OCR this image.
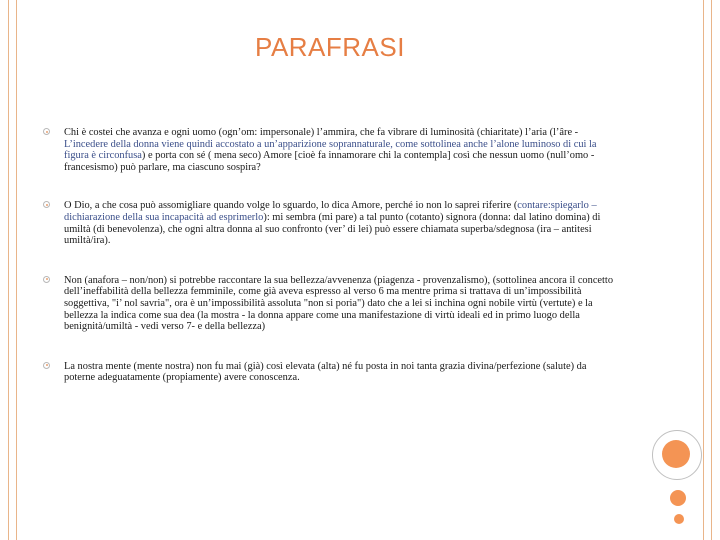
PARAFRASI
Chi è costei che avanza e ogni uomo (ogn’om: impersonale) l’ammira, che fa vibrare di luminosità (chiaritate) l’aria (l’âre - L’incedere della donna viene quindi accostato a un’apparizione soprannaturale, come sottolinea anche l’alone luminoso di cui la figura è circonfusa) e porta con sé ( mena seco) Amore [cioè fa innamorare chi la contempla] così che nessun uomo (null’omo - francesismo) può parlare, ma ciascuno sospira?
O Dio, a che cosa può assomigliare quando volge lo sguardo, lo dica Amore, perché io non lo saprei riferire (contare:spiegarlo – dichiarazione della sua incapacità ad esprimerlo): mi sembra (mi pare) a tal punto (cotanto) signora (donna: dal latino domina) di umiltà (di benevolenza), che ogni altra donna al suo confronto (ver’ di lei) può essere chiamata superba/sdegnosa (ira – antitesi umiltà/ira).
Non (anafora – non/non) si potrebbe raccontare la sua bellezza/avvenenza (piagenza - provenzalismo), (sottolinea ancora il concetto dell’ineffabilità della bellezza femminile, come già aveva espresso al verso 6 ma mentre prima si trattava di un’impossibilità soggettiva, "i’ nol savria", ora è un’impossibilità assoluta "non si poria") dato che a lei si inchina ogni nobile virtù (vertute) e la bellezza la indica come sua dea (la mostra - la donna appare come una manifestazione di virtù ideali ed in primo luogo della benignità/umiltà - vedi verso 7- e della bellezza)
La nostra mente (mente nostra) non fu mai (già) così elevata (alta) né fu posta in noi tanta grazia divina/perfezione (salute) da poterne adeguatamente (propiamente) avere conoscenza.
